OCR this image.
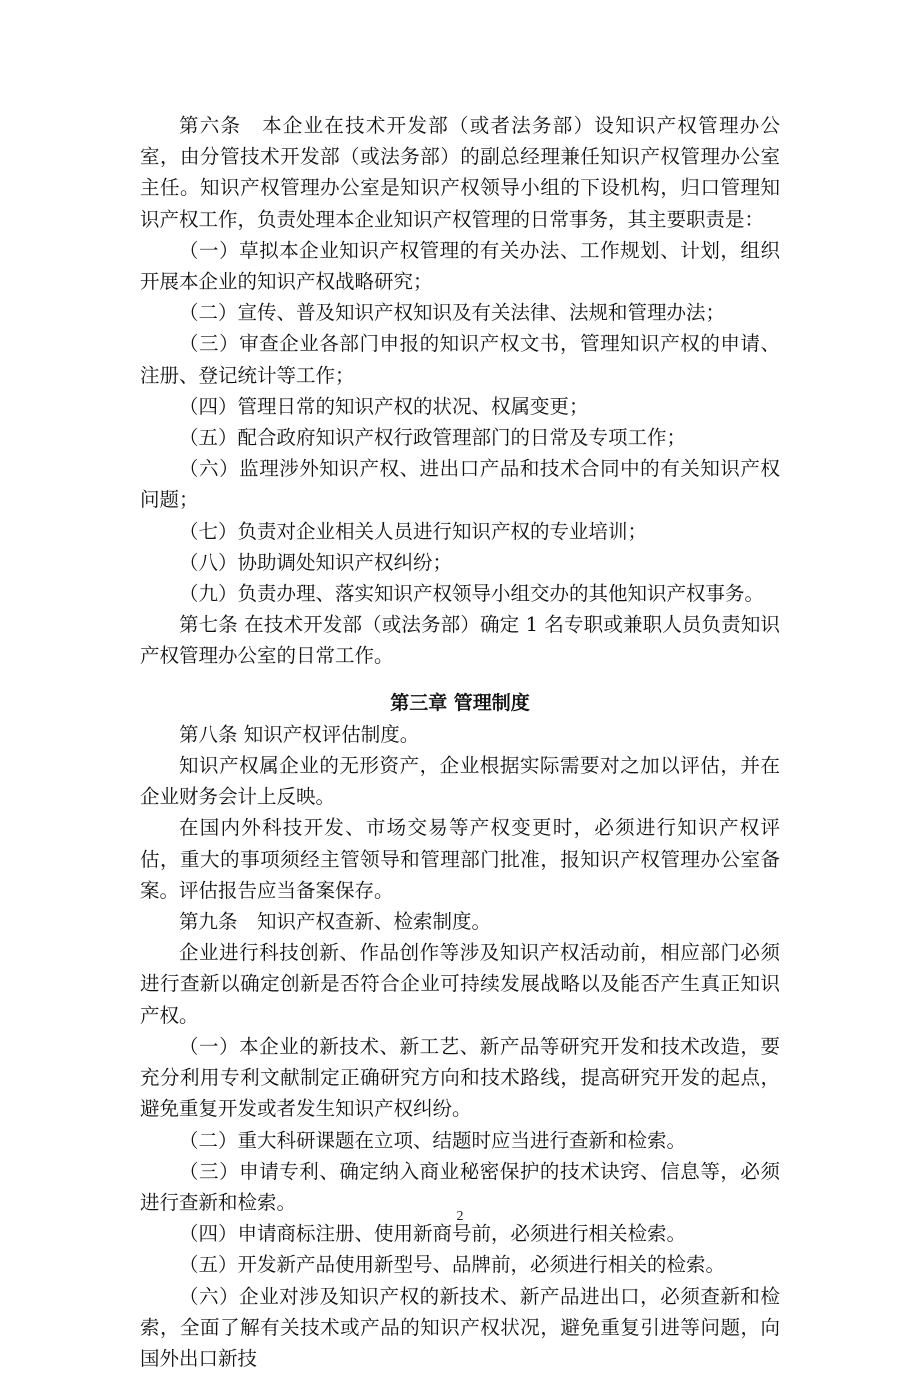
第六条　本企业在技术开发部（或者法务部）设知识产权管理办公室，由分管技术开发部（或法务部）的副总经理兼任知识产权管理办公室主任。知识产权管理办公室是知识产权领导小组的下设机构，归口管理知识产权工作，负责处理本企业知识产权管理的日常事务，其主要职责是：

（一）草拟本企业知识产权管理的有关办法、工作规划、计划，组织开展本企业的知识产权战略研究；

（二）宣传、普及知识产权知识及有关法律、法规和管理办法；

（三）审查企业各部门申报的知识产权文书，管理知识产权的申请、注册、登记统计等工作；

（四）管理日常的知识产权的状况、权属变更；

（五）配合政府知识产权行政管理部门的日常及专项工作；

（六）监理涉外知识产权、进出口产品和技术合同中的有关知识产权问题；

（七）负责对企业相关人员进行知识产权的专业培训；

（八）协助调处知识产权纠纷；

（九）负责办理、落实知识产权领导小组交办的其他知识产权事务。

第七条 在技术开发部（或法务部）确定 1 名专职或兼职人员负责知识产权管理办公室的日常工作。

第三章 管理制度

第八条 知识产权评估制度。

知识产权属企业的无形资产，企业根据实际需要对之加以评估，并在企业财务会计上反映。

在国内外科技开发、市场交易等产权变更时，必须进行知识产权评估，重大的事项须经主管领导和管理部门批准，报知识产权管理办公室备案。评估报告应当备案保存。

第九条　知识产权查新、检索制度。

企业进行科技创新、作品创作等涉及知识产权活动前，相应部门必须进行查新以确定创新是否符合企业可持续发展战略以及能否产生真正知识产权。

（一）本企业的新技术、新工艺、新产品等研究开发和技术改造，要充分利用专利文献制定正确研究方向和技术路线，提高研究开发的起点，避免重复开发或者发生知识产权纠纷。

（二）重大科研课题在立项、结题时应当进行查新和检索。

（三）申请专利、确定纳入商业秘密保护的技术诀窍、信息等，必须进行查新和检索。

（四）申请商标注册、使用新商号前，必须进行相关检索。

（五）开发新产品使用新型号、品牌前，必须进行相关的检索。

（六）企业对涉及知识产权的新技术、新产品进出口，必须查新和检索，全面了解有关技术或产品的知识产权状况，避免重复引进等问题，向国外出口新技

2
